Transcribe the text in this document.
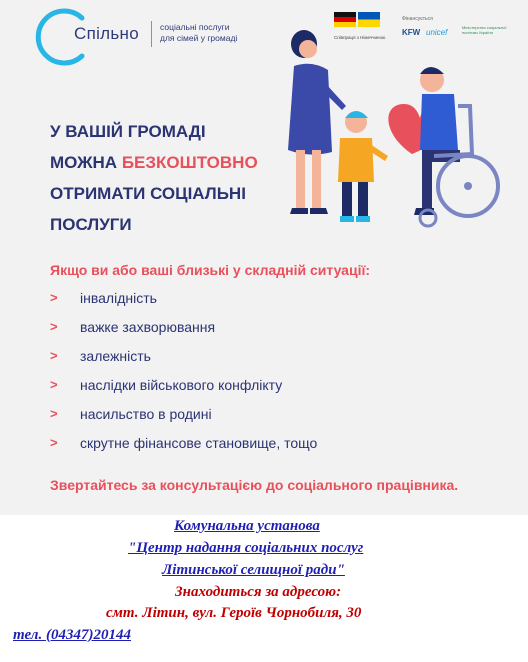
Спільно соціальні послуги
для сімей у громаді	Співпраця з Німеччиною
Фінансується
KFW unicef
Міністерство соціальної політики України
У ВАШІЙ ГРОМАДІ
МОЖНА БЕЗКОШТОВНО
ОТРИМАТИ СОЦІАЛЬНІ
ПОСЛУГИ
Якщо ви або ваші близькі у складній ситуації:
> інвалідність
> важке захворювання
> залежність
> наслідки військового конфлікту
> насильство в родині
> скрутне фінансове становище, тощо
Звертайтесь за консультацією до соціального працівника.
Комунальна установа
"Центр надання соціальних послуг
Літинської селищної ради"
Знаходиться за адресою:
смт. Літин, вул. Героїв Чорнобиля, 30
тел. (04347)20144
